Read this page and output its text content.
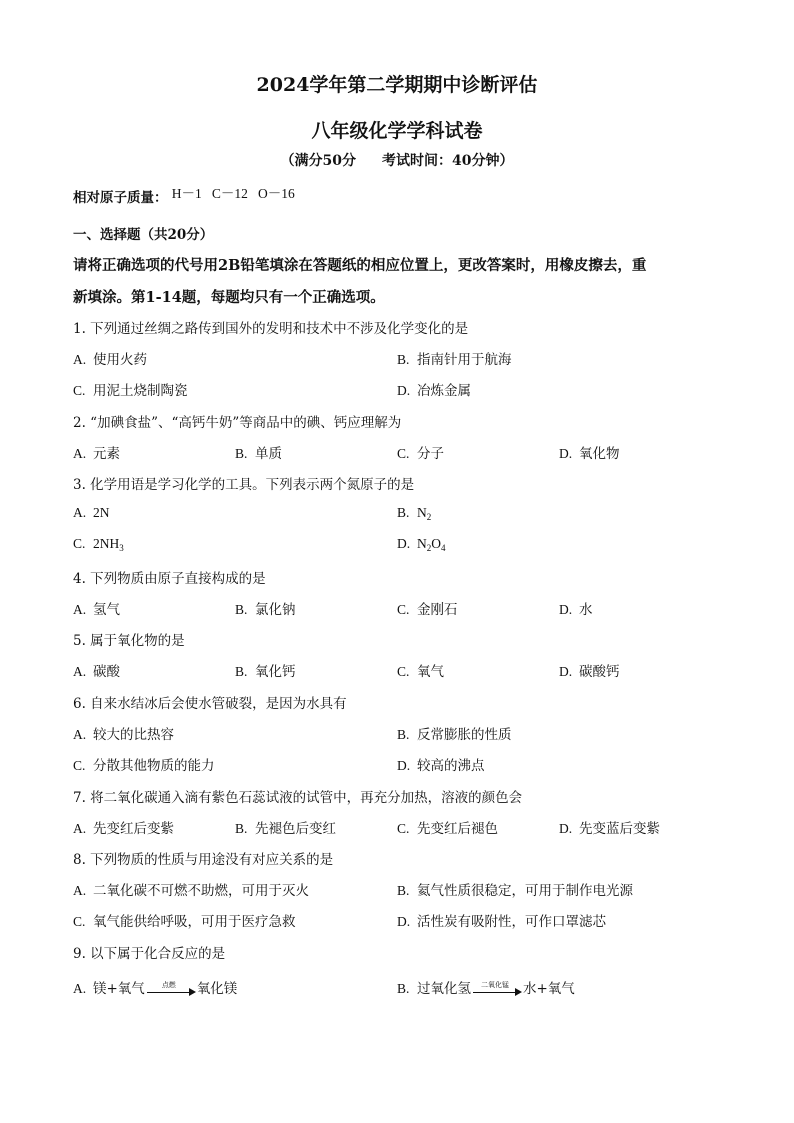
2024学年第二学期期中诊断评估
八年级化学学科试卷
（满分50分 考试时间：40分钟）
相对原子质量： H－1   C－12   O－16
一、选择题（共20分）
请将正确选项的代号用2B铅笔填涂在答题纸的相应位置上，更改答案时，用橡皮擦去，重
新填涂。第1-14题，每题均只有一个正确选项。
1. 下列通过丝绸之路传到国外的发明和技术中不涉及化学变化的是
A. 使用火药	B. 指南针用于航海
C. 用泥土烧制陶瓷	D. 冶炼金属
2. “加碘食盐”、“高钙牛奶”等商品中的碘、钙应理解为
A. 元素	B. 单质	C. 分子	D. 氧化物
3. 化学用语是学习化学的工具。下列表示两个氮原子的是
A. 2N	B. $N_2$
C. $2NH_3$	D. $N_2O_4$
4. 下列物质由原子直接构成的是
A. 氢气	B. 氯化钠	C. 金刚石	D. 水
5. 属于氧化物的是
A. 碳酸	B. 氧化钙	C. 氧气	D. 碳酸钙
6. 自来水结冰后会使水管破裂，是因为水具有
A. 较大的比热容	B. 反常膨胀的性质
C. 分散其他物质的能力	D. 较高的沸点
7. 将二氧化碳通入滴有紫色石蕊试液的试管中，再充分加热，溶液的颜色会
A. 先变红后变紫	B. 先褪色后变红	C. 先变红后褪色	D. 先变蓝后变紫
8. 下列物质的性质与用途没有对应关系的是
A. 二氧化碳不可燃不助燃，可用于灭火	B. 氦气性质很稳定，可用于制作电光源
C. 氧气能供给呼吸，可用于医疗急救	D. 活性炭有吸附性，可作口罩滤芯
9. 以下属于化合反应的是
A. 镁+氧气	点燃	氧化镁	B. 过氧化氢	二氧化锰	水+氧气
